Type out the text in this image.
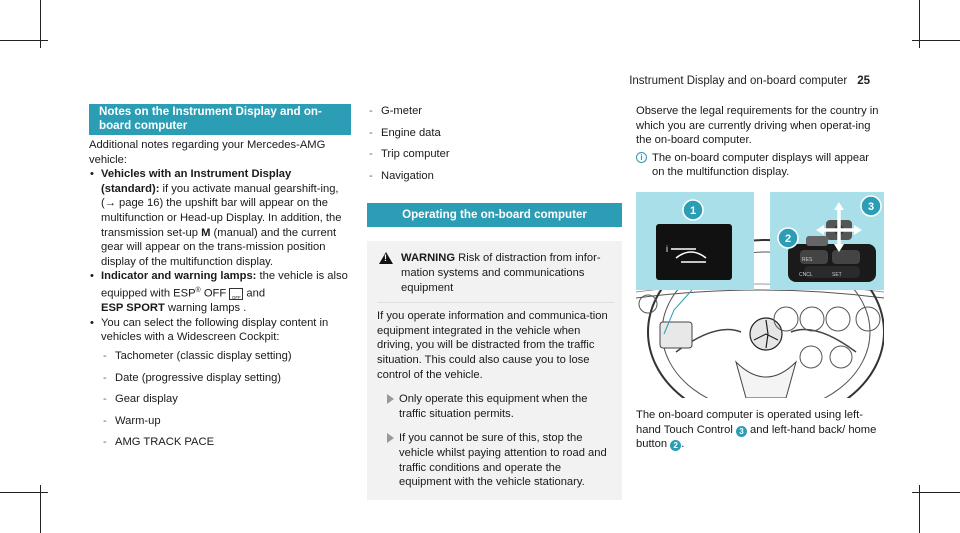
Instrument Display and on-board computer 25
Notes on the Instrument Display and on-board computer
Additional notes regarding your Mercedes-AMG vehicle:
• Vehicles with an Instrument Display (standard): if you activate manual gearshift-ing, (→ page 16) the upshift bar will appear on the multifunction or Head-up Display. In addition, the transmission set-up M (manual) and the current gear will appear on the trans-mission position display of the multifunction display.
• Indicator and warning lamps: the vehicle is also equipped with ESP® OFF OFF and
ESP SPORT warning lamps .
• You can select the following display content in vehicles with a Widescreen Cockpit:
- Tachometer (classic display setting)
- Date (progressive display setting)
- Gear display
- Warm-up
- AMG TRACK PACE
- G-meter
- Engine data
- Trip computer
- Navigation
Operating the on-board computer
!
WARNING Risk of distraction from infor-mation systems and communications equipment
If you operate information and communica-tion equipment integrated in the vehicle when driving, you will be distracted from the traffic situation. This could also cause you to lose control of the vehicle.
Only operate this equipment when the traffic situation permits.
If you cannot be sure of this, stop the vehicle whilst paying attention to road and traffic conditions and operate the equipment with the vehicle stationary.
Observe the legal requirements for the country in which you are currently driving when operat-ing the on-board computer.
i The on-board computer displays will appear on the multifunction display.
i
RES
CNCL	SET
1
2
3
The on-board computer is operated using left-hand Touch Control 3 and left-hand back/ home button 2 .
